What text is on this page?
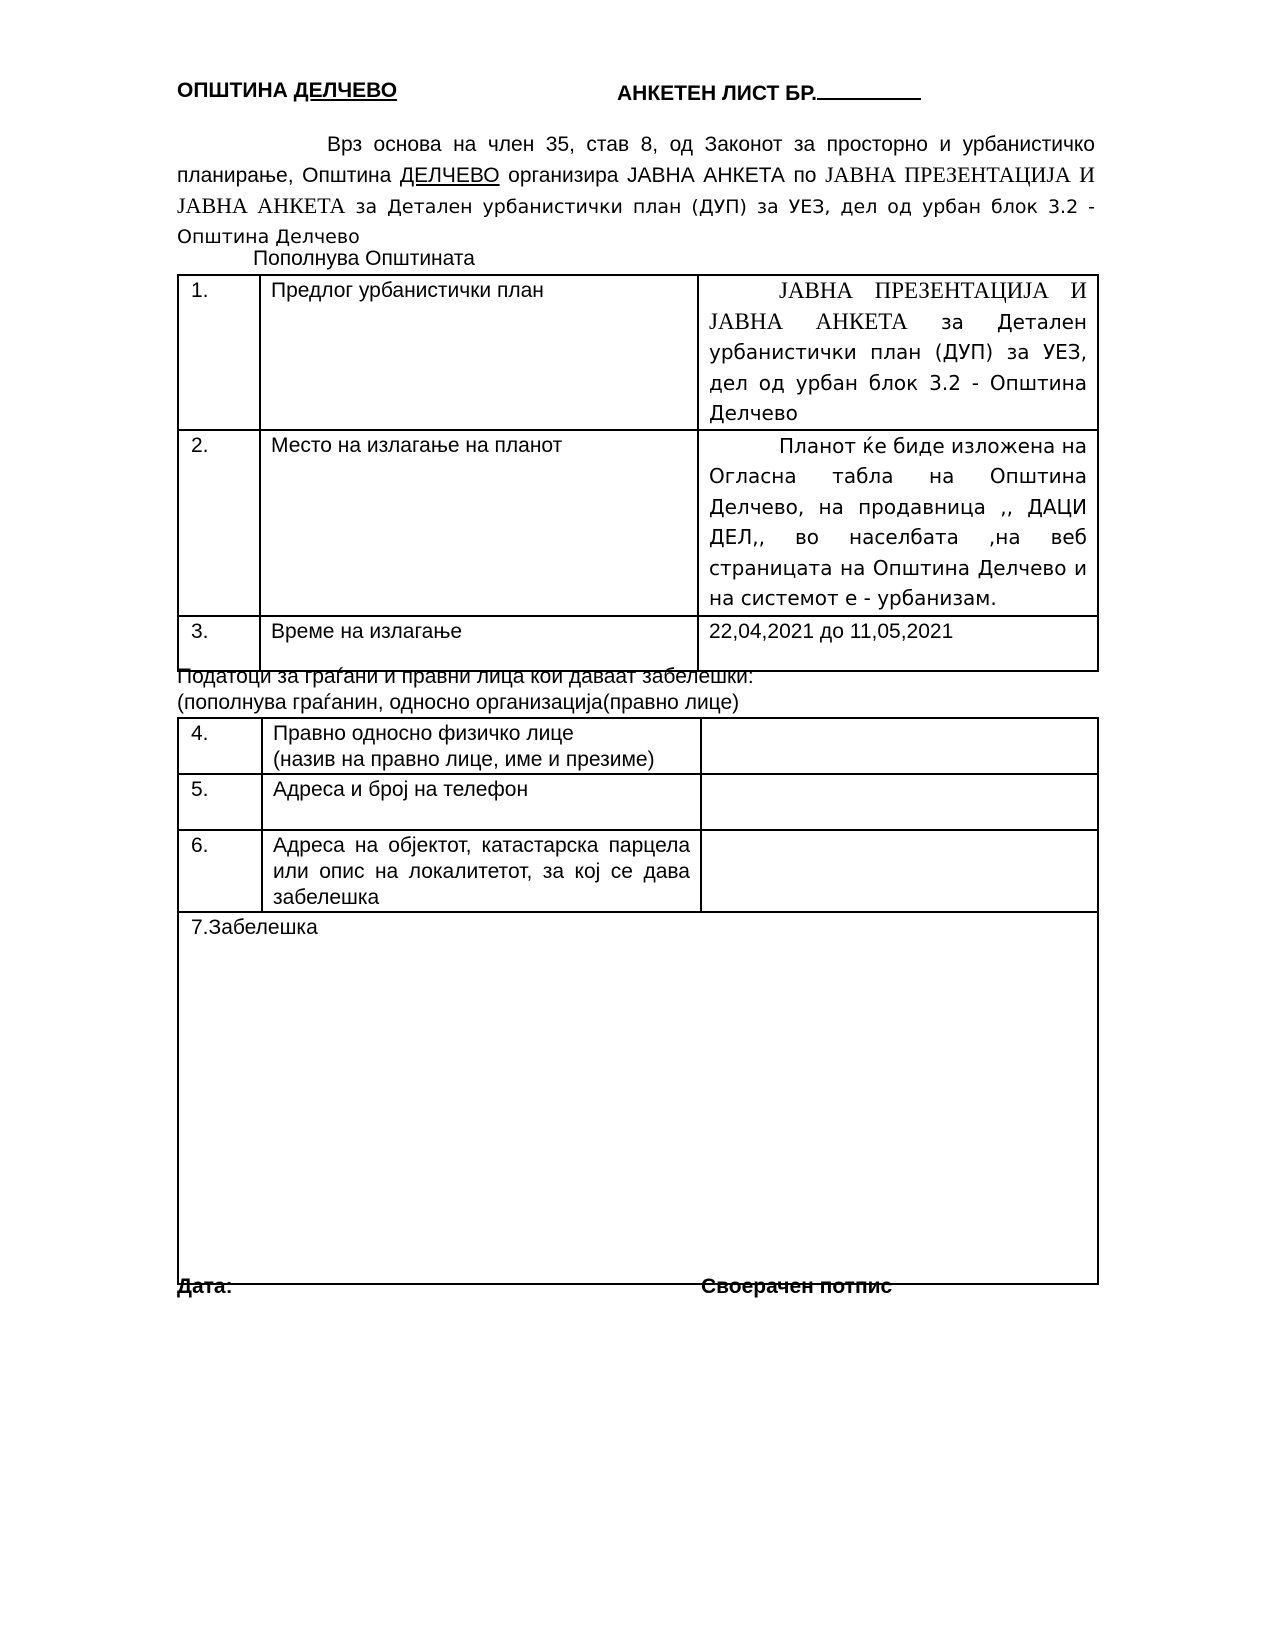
ОПШТИНА ДЕЛЧЕВО	АНКЕТЕН ЛИСТ БР.
Врз основа на член 35, став 8, од Законот за просторно и урбанистичко планирање, Општина ДЕЛЧЕВО организира ЈАВНА АНКЕТА по ЈАВНА ПРЕЗЕНТАЦИЈА И ЈАВНА АНКЕТА за Детален урбанистички план (ДУП) за УЕЗ, дел од урбан блок 3.2 - Општина Делчево
Пополнува Општината
1.	Предлог урбанистички план	ЈАВНА ПРЕЗЕНТАЦИЈА И ЈАВНА АНКЕТА за Детален урбанистички план (ДУП) за УЕЗ, дел од урбан блок 3.2 - Општина Делчево
2.	Место на излагање на планот	Планот ќе биде изложена на Огласна табла на Општина Делчево, на продавница ,, ДАЦИ ДЕЛ,, во населбата ,на веб страницата на Општина Делчево и на системот е - урбанизам.
3.	Време на излагање	22,04,2021 до 11,05,2021
Податоци за граѓани и правни лица кои даваат забелешки:
(пополнува граѓанин, односно организација(правно лице)
4.	Правно односно физичко лице
(назив на правно лице, име и презиме)	

5.	Адреса и број на телефон	
6.	Адреса на објектот, катастарска парцела или опис на локалитетот, за кој се дава забелешка	

7.Забелешка		
Дата:	Своерачен потпис
